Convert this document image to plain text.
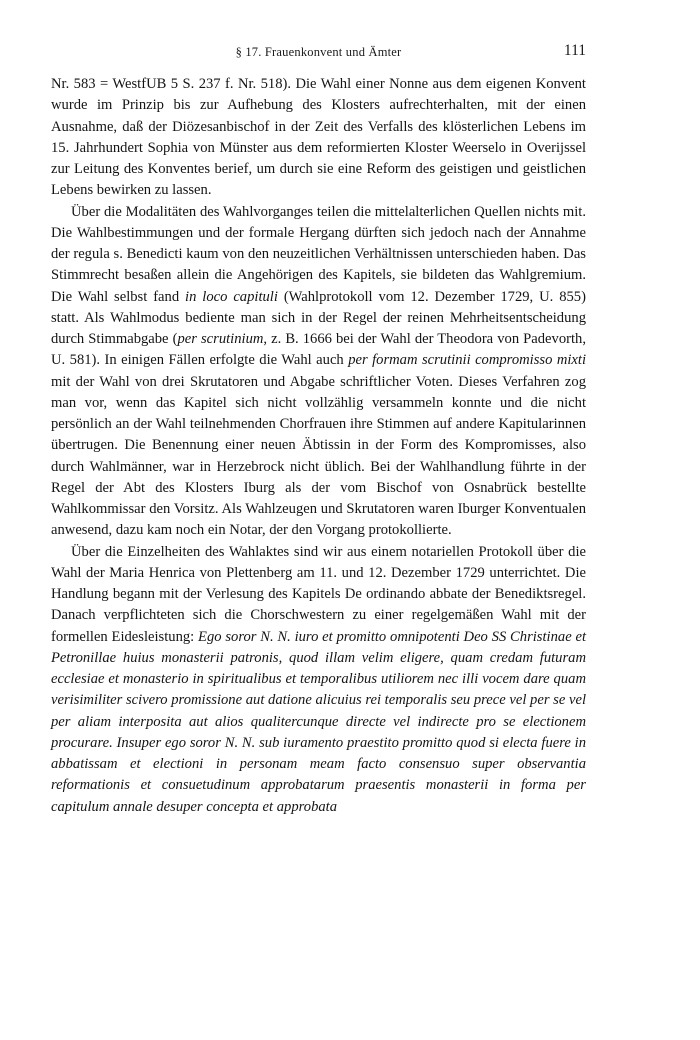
§ 17. Frauenkonvent und Ämter	111

Nr. 583 = WestfUB 5 S. 237 f. Nr. 518). Die Wahl einer Nonne aus dem eigenen Konvent wurde im Prinzip bis zur Aufhebung des Klosters aufrechterhalten, mit der einen Ausnahme, daß der Diözesanbischof in der Zeit des Verfalls des klösterlichen Lebens im 15. Jahrhundert Sophia von Münster aus dem reformierten Kloster Weerselo in Overijssel zur Leitung des Konventes berief, um durch sie eine Reform des geistigen und geistlichen Lebens bewirken zu lassen.

Über die Modalitäten des Wahlvorganges teilen die mittelalterlichen Quellen nichts mit. Die Wahlbestimmungen und der formale Hergang dürften sich jedoch nach der Annahme der regula s. Benedicti kaum von den neuzeitlichen Verhältnissen unterschieden haben. Das Stimmrecht besaßen allein die Angehörigen des Kapitels, sie bildeten das Wahlgremium. Die Wahl selbst fand in loco capituli (Wahlprotokoll vom 12. Dezember 1729, U. 855) statt. Als Wahlmodus bediente man sich in der Regel der reinen Mehrheitsentscheidung durch Stimmabgabe (per scrutinium, z. B. 1666 bei der Wahl der Theodora von Padevorth, U. 581). In einigen Fällen erfolgte die Wahl auch per formam scrutinii compromisso mixti mit der Wahl von drei Skrutatoren und Abgabe schriftlicher Voten. Dieses Verfahren zog man vor, wenn das Kapitel sich nicht vollzählig versammeln konnte und die nicht persönlich an der Wahl teilnehmenden Chorfrauen ihre Stimmen auf andere Kapitularinnen übertrugen. Die Benennung einer neuen Äbtissin in der Form des Kompromisses, also durch Wahlmänner, war in Herzebrock nicht üblich. Bei der Wahlhandlung führte in der Regel der Abt des Klosters Iburg als der vom Bischof von Osnabrück bestellte Wahlkommissar den Vorsitz. Als Wahlzeugen und Skrutatoren waren Iburger Konventualen anwesend, dazu kam noch ein Notar, der den Vorgang protokollierte.

Über die Einzelheiten des Wahlaktes sind wir aus einem notariellen Protokoll über die Wahl der Maria Henrica von Plettenberg am 11. und 12. Dezember 1729 unterrichtet. Die Handlung begann mit der Verlesung des Kapitels De ordinando abbate der Benediktsregel. Danach verpflichteten sich die Chorschwestern zu einer regelgemäßen Wahl mit der formellen Eidesleistung: Ego soror N. N. iuro et promitto omnipotenti Deo SS Christinae et Petronillae huius monasterii patronis, quod illam velim eligere, quam credam futuram ecclesiae et monasterio in spiritualibus et temporalibus utiliorem nec illi vocem dare quam verisimiliter scivero promissione aut datione alicuius rei temporalis seu prece vel per se vel per aliam interposita aut alios qualitercunque directe vel indirecte pro se electionem procurare. Insuper ego soror N. N. sub iuramento praestito promitto quod si electa fuere in abbatissam et electioni in personam meam facto consensuo super observantia reformationis et consuetudinum approbatarum praesentis monasterii in forma per capitulum annale desuper concepta et approbata
